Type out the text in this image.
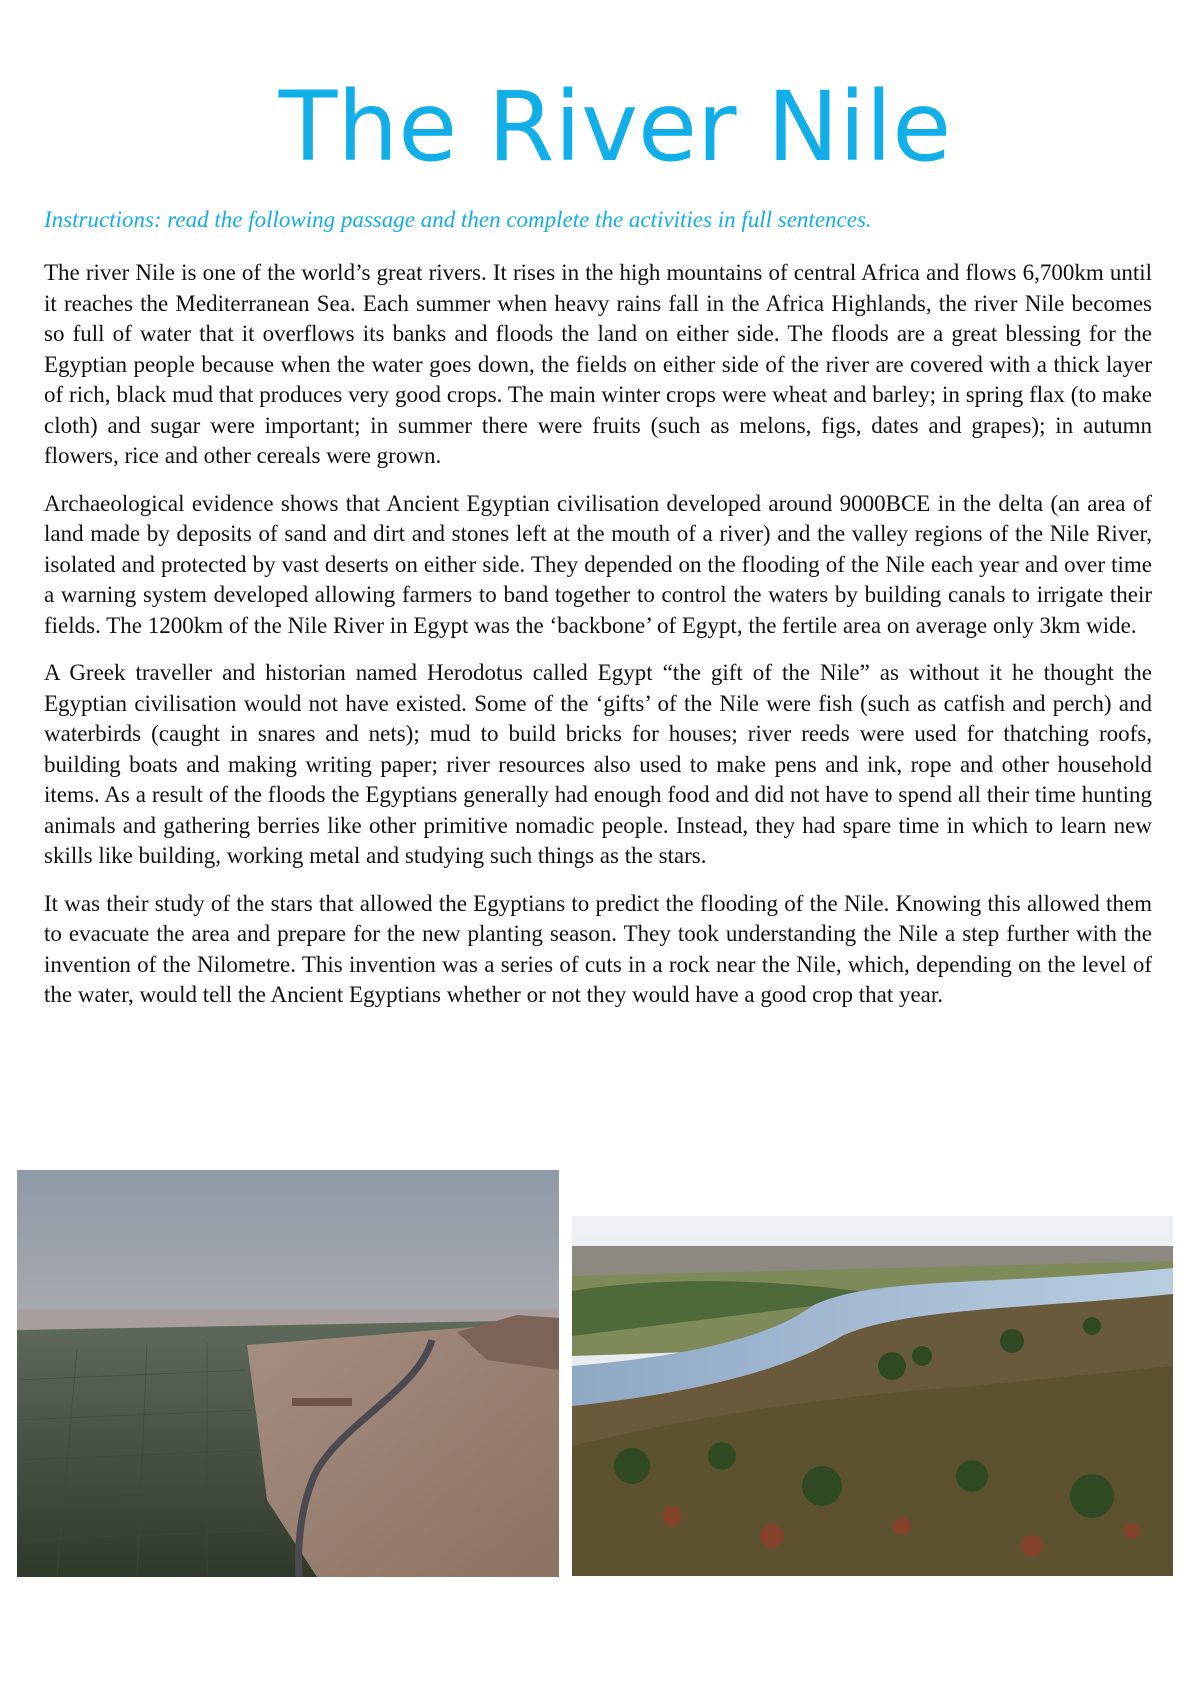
The River Nile

Instructions: read the following passage and then complete the activities in full sentences.

The river Nile is one of the world’s great rivers. It rises in the high mountains of central Africa and flows 6,700km until it reaches the Mediterranean Sea. Each summer when heavy rains fall in the Africa Highlands, the river Nile becomes so full of water that it overflows its banks and floods the land on either side. The floods are a great blessing for the Egyptian people because when the water goes down, the fields on either side of the river are covered with a thick layer of rich, black mud that produces very good crops. The main winter crops were wheat and barley; in spring flax (to make cloth) and sugar were important; in summer there were fruits (such as melons, figs, dates and grapes); in autumn flowers, rice and other cereals were grown.

Archaeological evidence shows that Ancient Egyptian civilisation developed around 9000BCE in the delta (an area of land made by deposits of sand and dirt and stones left at the mouth of a river) and the valley regions of the Nile River, isolated and protected by vast deserts on either side. They depended on the flooding of the Nile each year and over time a warning system developed allowing farmers to band together to control the waters by building canals to irrigate their fields. The 1200km of the Nile River in Egypt was the ‘backbone’ of Egypt, the fertile area on average only 3km wide.

A Greek traveller and historian named Herodotus called Egypt “the gift of the Nile” as without it he thought the Egyptian civilisation would not have existed. Some of the ‘gifts’ of the Nile were fish (such as catfish and perch) and waterbirds (caught in snares and nets); mud to build bricks for houses; river reeds were used for thatching roofs, building boats and making writing paper; river resources also used to make pens and ink, rope and other household items. As a result of the floods the Egyptians generally had enough food and did not have to spend all their time hunting animals and gathering berries like other primitive nomadic people. Instead, they had spare time in which to learn new skills like building, working metal and studying such things as the stars.

It was their study of the stars that allowed the Egyptians to predict the flooding of the Nile. Knowing this allowed them to evacuate the area and prepare for the new planting season. They took understanding the Nile a step further with the invention of the Nilometre. This invention was a series of cuts in a rock near the Nile, which, depending on the level of the water, would tell the Ancient Egyptians whether or not they would have a good crop that year.
